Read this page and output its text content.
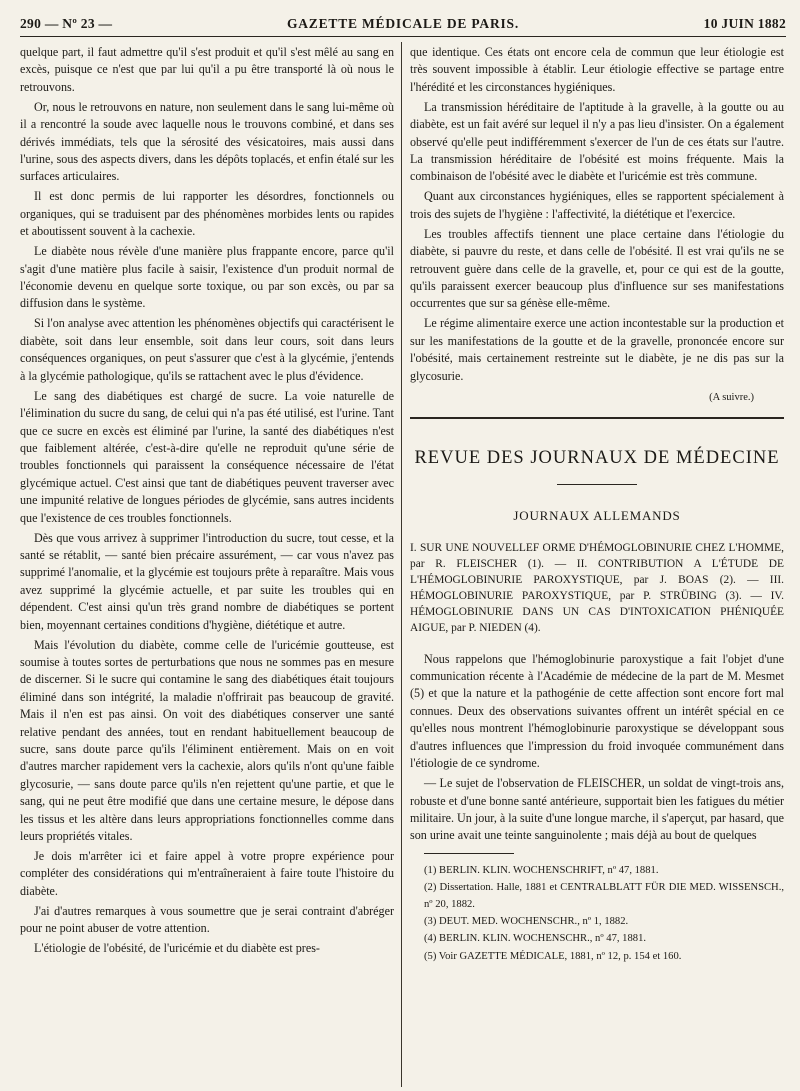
290 — Nº 23 —	GAZETTE MÉDICALE DE PARIS.	10 JUIN 1882

quelque part, il faut admettre qu'il s'est produit et qu'il s'est mêlé au sang en excès, puisque ce n'est que par lui qu'il a pu être transporté là où nous le retrouvons.

Or, nous le retrouvons en nature, non seulement dans le sang lui-même où il a rencontré la soude avec laquelle nous le trouvons combiné, et dans ses dérivés immédiats, tels que la sérosité des vésicatoires, mais aussi dans l'urine, sous des aspects divers, dans les dépôts toplacés, et enfin étalé sur les surfaces articulaires.

Il est donc permis de lui rapporter les désordres, fonctionnels ou organiques, qui se traduisent par des phénomènes morbides lents ou rapides et aboutissent souvent à la cachexie.

Le diabète nous révèle d'une manière plus frappante encore, parce qu'il s'agit d'une matière plus facile à saisir, l'existence d'un produit normal de l'économie devenu en quelque sorte toxique, ou par son excès, ou par sa diffusion dans le système.

Si l'on analyse avec attention les phénomènes objectifs qui caractérisent le diabète, soit dans leur ensemble, soit dans leur cours, soit dans leurs conséquences organiques, on peut s'assurer que c'est à la glycémie, j'entends à la glycémie pathologique, qu'ils se rattachent avec le plus d'évidence.

Le sang des diabétiques est chargé de sucre. La voie naturelle de l'élimination du sucre du sang, de celui qui n'a pas été utilisé, est l'urine. Tant que ce sucre en excès est éliminé par l'urine, la santé des diabétiques n'est que faiblement altérée, c'est-à-dire qu'elle ne reproduit qu'une série de troubles fonctionnels qui paraissent la conséquence nécessaire de l'état glycémique actuel. C'est ainsi que tant de diabétiques peuvent traverser avec une impunité relative de longues périodes de glycémie, sans autres incidents que l'existence de ces troubles fonctionnels.

Dès que vous arrivez à supprimer l'introduction du sucre, tout cesse, et la santé se rétablit, — santé bien précaire assurément, — car vous n'avez pas supprimé l'anomalie, et la glycémie est toujours prête à reparaître. Mais vous avez supprimé la glycémie actuelle, et par suite les troubles qui en dépendent. C'est ainsi qu'un très grand nombre de diabétiques se portent bien, moyennant certaines conditions d'hygiène, diététique et autre.

Mais l'évolution du diabète, comme celle de l'uricémie goutteuse, est soumise à toutes sortes de perturbations que nous ne sommes pas en mesure de discerner. Si le sucre qui contamine le sang des diabétiques était toujours éliminé dans son intégrité, la maladie n'offrirait pas beaucoup de gravité. Mais il n'en est pas ainsi. On voit des diabétiques conserver une santé relative pendant des années, tout en rendant habituellement beaucoup de sucre, sans doute parce qu'ils l'éliminent entièrement. Mais on en voit d'autres marcher rapidement vers la cachexie, alors qu'ils n'ont qu'une faible glycosurie, — sans doute parce qu'ils n'en rejettent qu'une partie, et que le sang, qui ne peut être modifié que dans une certaine mesure, le dépose dans les tissus et les altère dans leurs appropriations fonctionnelles comme dans leurs propriétés vitales.

Je dois m'arrêter ici et faire appel à votre propre expérience pour compléter des considérations qui m'entraîneraient à faire toute l'histoire du diabète.

J'ai d'autres remarques à vous soumettre que je serai contraint d'abréger pour ne point abuser de votre attention.

L'étiologie de l'obésité, de l'uricémie et du diabète est pres-

que identique. Ces états ont encore cela de commun que leur étiologie est très souvent impossible à établir. Leur étiologie effective se partage entre l'hérédité et les circonstances hygiéniques.

La transmission héréditaire de l'aptitude à la gravelle, à la goutte ou au diabète, est un fait avéré sur lequel il n'y a pas lieu d'insister. On a également observé qu'elle peut indifféremment s'exercer de l'un de ces états sur l'autre. La transmission héréditaire de l'obésité est moins fréquente. Mais la combinaison de l'obésité avec le diabète et l'uricémie est très commune.

Quant aux circonstances hygiéniques, elles se rapportent spécialement à trois des sujets de l'hygiène : l'affectivité, la diététique et l'exercice.

Les troubles affectifs tiennent une place certaine dans l'étiologie du diabète, si pauvre du reste, et dans celle de l'obésité. Il est vrai qu'ils ne se retrouvent guère dans celle de la gravelle, et, pour ce qui est de la goutte, qu'ils paraissent exercer beaucoup plus d'influence sur ses manifestations occurrentes que sur sa génèse elle-même.

Le régime alimentaire exerce une action incontestable sur la production et sur les manifestations de la goutte et de la gravelle, prononcée encore sur l'obésité, mais certainement restreinte sut le diabète, je ne dis pas sur la glycosurie.

(A suivre.)

REVUE DES JOURNAUX DE MÉDECINE
JOURNAUX ALLEMANDS

I. SUR UNE NOUVELLEF ORME D'HÉMOGLOBINURIE CHEZ L'HOMME, par R. FLEISCHER (1). — II. CONTRIBUTION A L'ÉTUDE DE L'HÉMOGLOBINURIE PAROXYSTIQUE, par J. BOAS (2). — III. HÉMOGLOBINURIE PAROXYSTIQUE, par P. STRÜBING (3). — IV. HÉMOGLOBINURIE DANS UN CAS D'INTOXICATION PHÉNIQUÉE AIGUE, par P. NIEDEN (4).

Nous rappelons que l'hémoglobinurie paroxystique a fait l'objet d'une communication récente à l'Académie de médecine de la part de M. Mesmet (5) et que la nature et la pathogénie de cette affection sont encore fort mal connues. Deux des observations suivantes offrent un intérêt spécial en ce qu'elles nous montrent l'hémoglobinurie paroxystique se développant sous d'autres influences que l'impression du froid invoquée communément dans l'étiologie de ce syndrome.

— Le sujet de l'observation de FLEISCHER, un soldat de vingt-trois ans, robuste et d'une bonne santé antérieure, supportait bien les fatigues du métier militaire. Un jour, à la suite d'une longue marche, il s'aperçut, par hasard, que son urine avait une teinte sanguinolente ; mais déjà au bout de quelques

(1) BERLIN. KLIN. WOCHENSCHRIFT, nº 47, 1881.
(2) Dissertation. Halle, 1881 et CENTRALBLATT FÜR DIE MED. WISSENSCH., nº 20, 1882.
(3) DEUT. MED. WOCHENSCHR., nº 1, 1882.
(4) BERLIN. KLIN. WOCHENSCHR., nº 47, 1881.
(5) Voir GAZETTE MÉDICALE, 1881, nº 12, p. 154 et 160.
